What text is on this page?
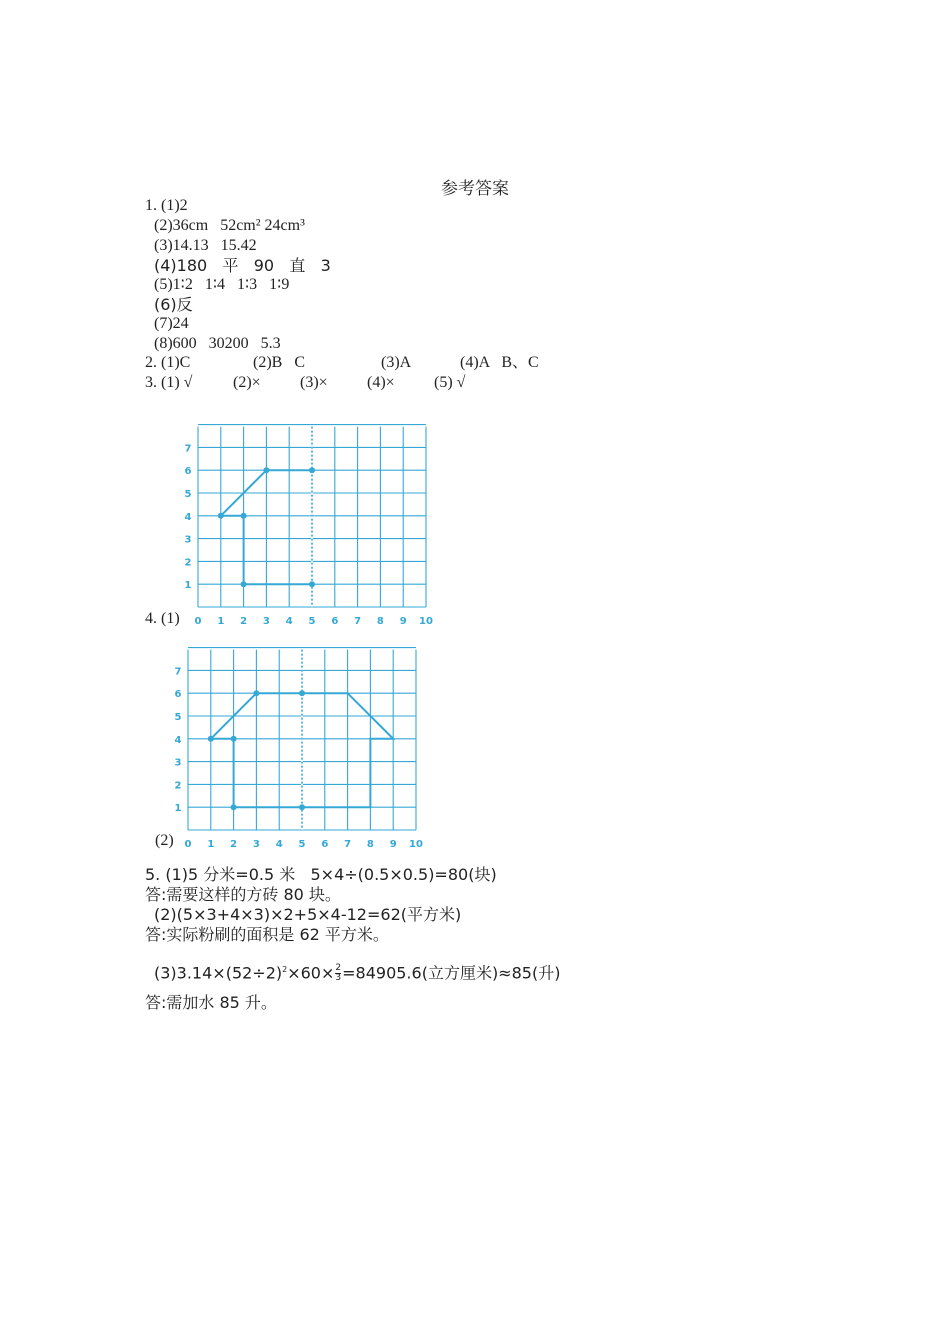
参考答案
1. (1)2
(2)36cm   52cm² 24cm³
(3)14.13   15.42
(4)180   平   90   直   3
(5)1∶2   1∶4   1∶3   1∶9
(6)反
(7)24
(8)600   30200   5.3
2. (1)C	(2)B   C	(3)A	(4)A   B、C
3. (1) √	(2)× (3)× (4)× (5) √
0 1 2 3 4 5 6 7 8 9 10
1
2
3
4
5
6
7
4. (1)
0 1 2 3 4 5 6 7 8 9 10
1
2
3
4
5
6
7
(2)
5. (1)5 分米=0.5 米   5×4÷(0.5×0.5)=80(块)
答:需要这样的方砖 80 块。
(2)(5×3+4×3)×2+5×4-12=62(平方米)
答:实际粉刷的面积是 62 平方米。
$(3)3.14\times(52\div 2)^2\times 60\times \frac{2}{3} =84905.6$(立方厘米)≈85(升)
答:需加水 85 升。
